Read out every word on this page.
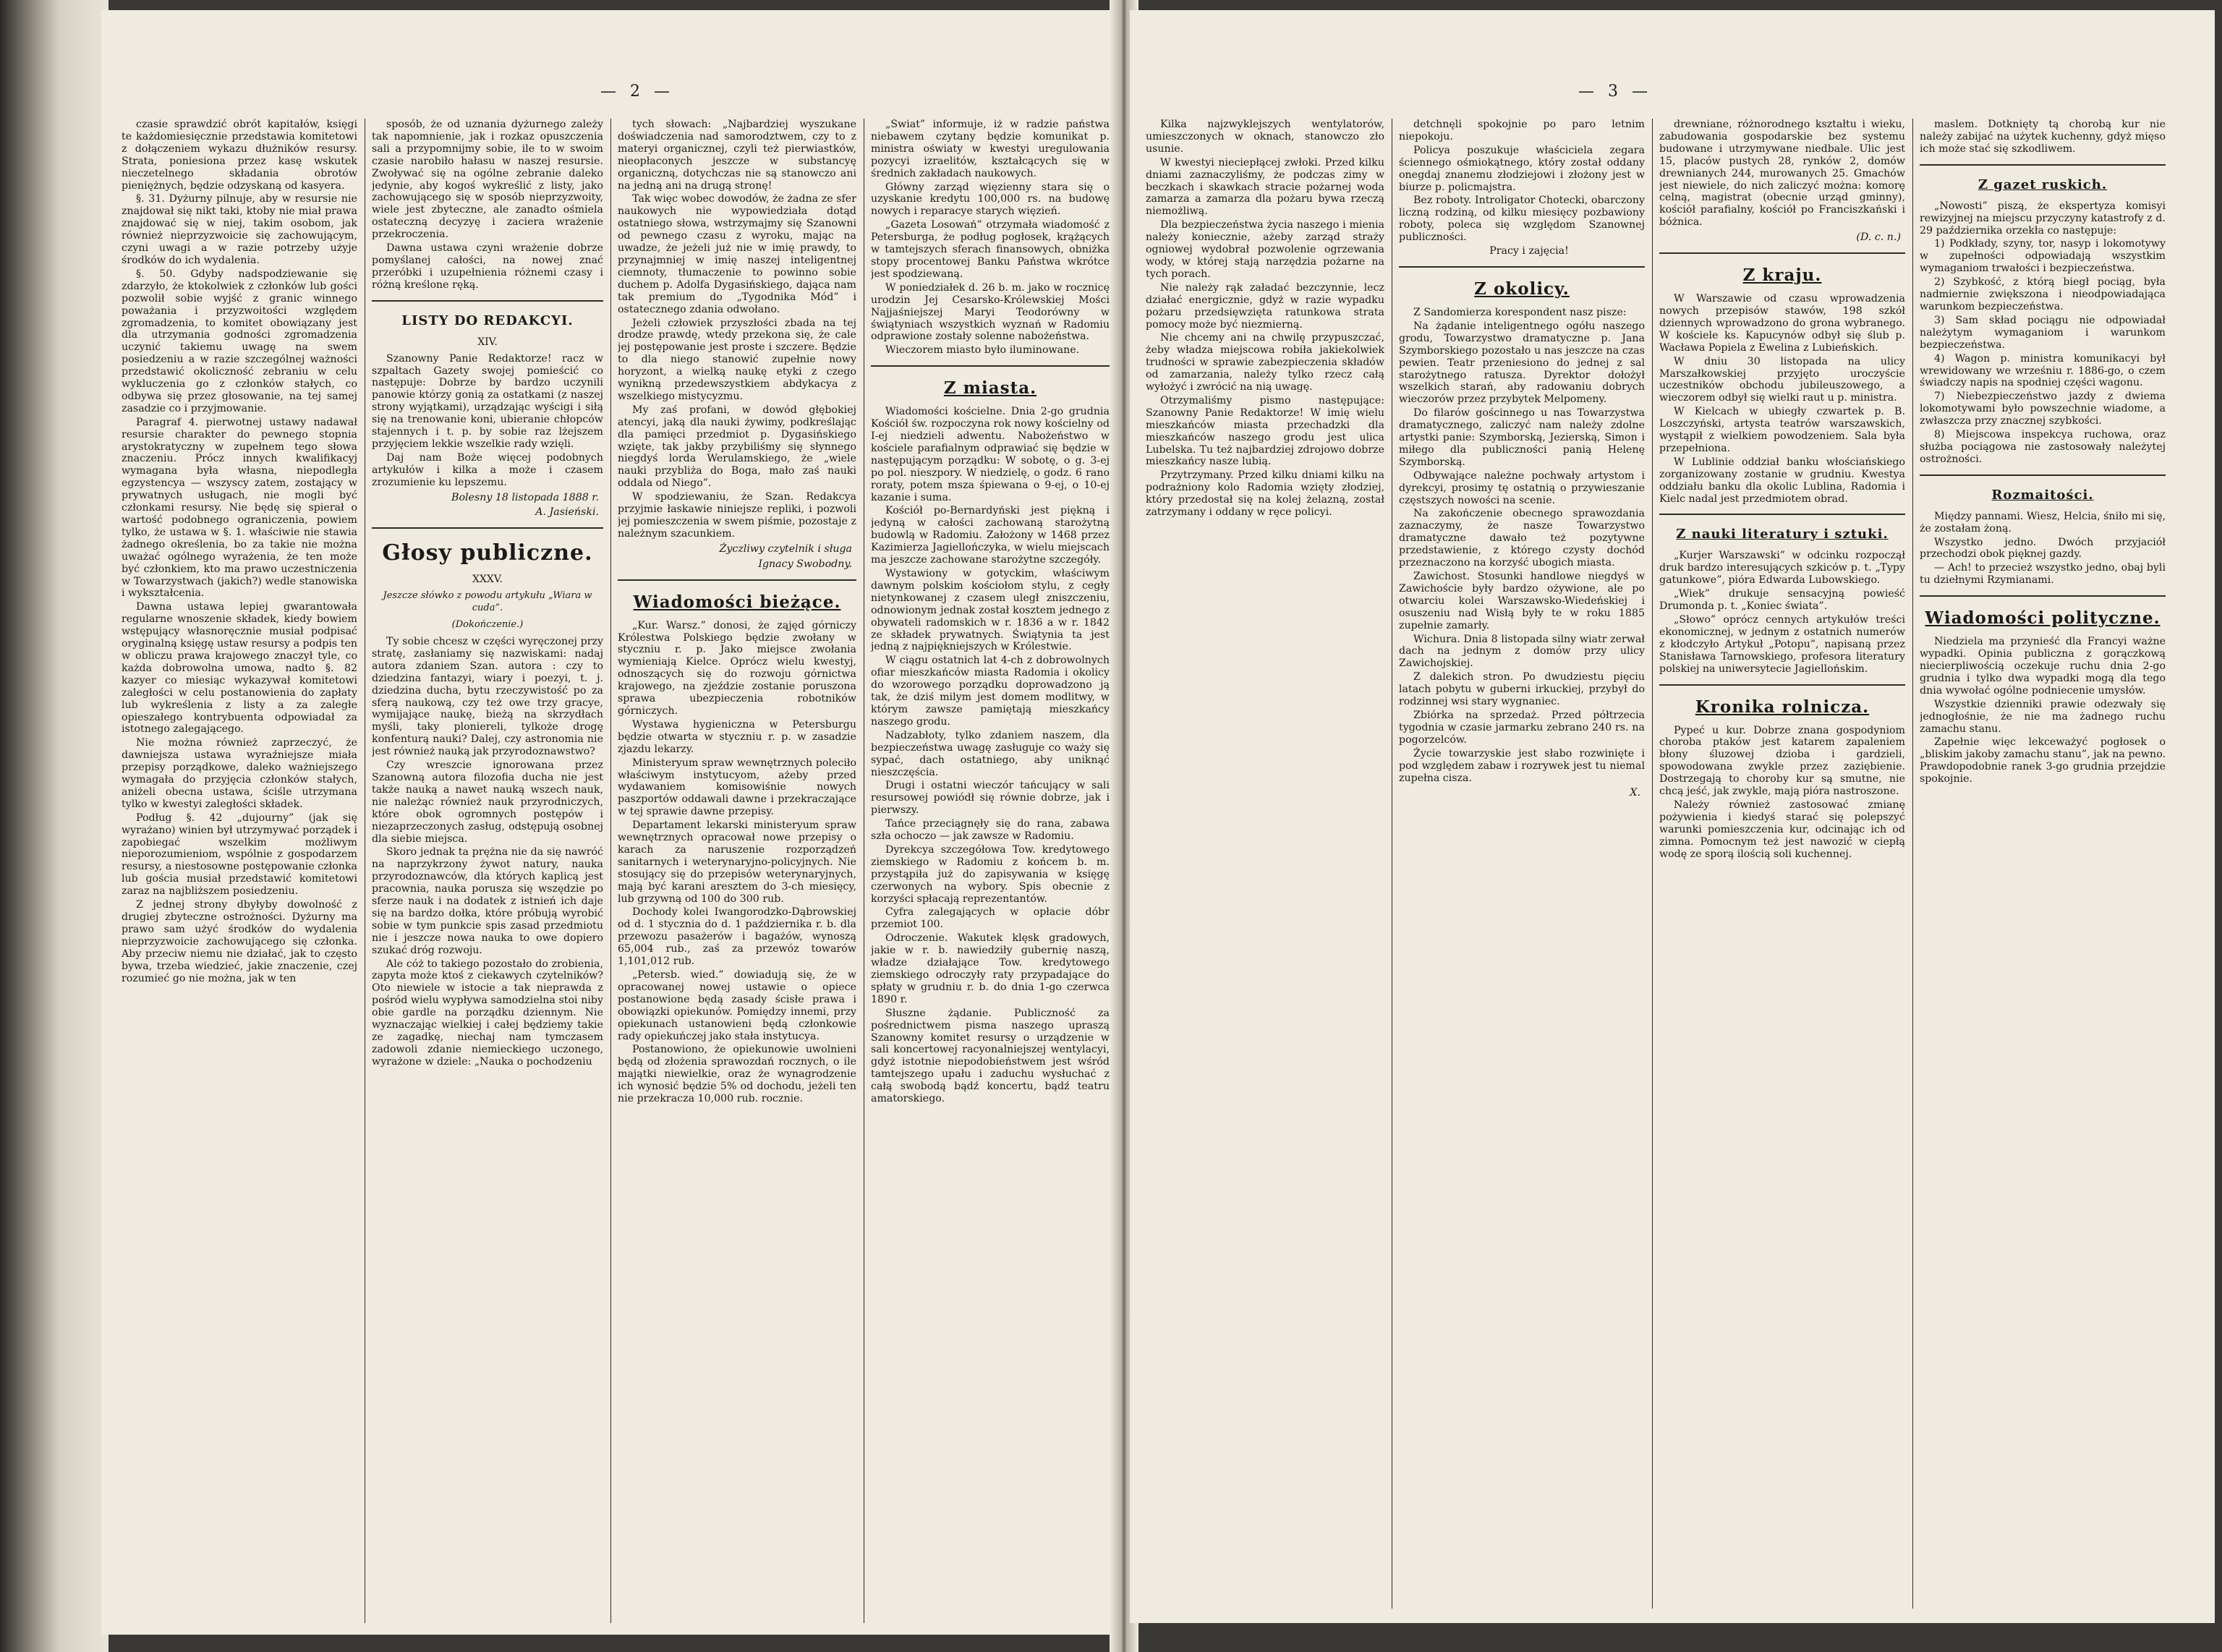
— 2 —

czasie sprawdzić obrót kapitałów, księgi te każdomiesięcznie przedstawia komitetowi z dołączeniem wykazu dłużników resursy. Strata, poniesiona przez kasę wskutek nieczetelnego składania obrotów pieniężnych, będzie odzyskaną od kasyera.

§. 31. Dyżurny pilnuje, aby w resursie nie znajdował się nikt taki, ktoby nie miał prawa znajdować się w niej, takim osobom, jak również nieprzyzwoicie się zachowującym, czyni uwagi a w razie potrzeby użyje środków do ich wydalenia.

§. 50. Gdyby nadspodziewanie się zdarzyło, że ktokolwiek z członków lub gości pozwolił sobie wyjść z granic winnego poważania i przyzwoitości względem zgromadzenia, to komitet obowiązany jest dla utrzymania godności zgromadzenia uczynić takiemu uwagę na swem posiedzeniu a w razie szczególnej ważności przedstawić okoliczność zebraniu w celu wykluczenia go z członków stałych, co odbywa się przez głosowanie, na tej samej zasadzie co i przyjmowanie.

Paragraf 4. pierwotnej ustawy nadawał resursie charakter do pewnego stopnia arystokratyczny w zupełnem tego słowa znaczeniu. Prócz innych kwalifikacyj wymagana była własna, niepodległa egzystencya — wszyscy zatem, zostający w prywatnych usługach, nie mogli być członkami resursy. Nie będę się spierał o wartość podobnego ograniczenia, powiem tylko, że ustawa w §. 1. właściwie nie stawia żadnego określenia, bo za takie nie można uważać ogólnego wyrażenia, że ten może być członkiem, kto ma prawo uczestniczenia w Towarzystwach (jakich?) wedle stanowiska i wykształcenia.

Dawna ustawa lepiej gwarantowała regularne wnoszenie składek, kiedy bowiem wstępujący własnoręcznie musiał podpisać oryginalną księgę ustaw resursy a podpis ten w obliczu prawa krajowego znaczył tyle, co każda dobrowolna umowa, nadto §. 82 kazyer co miesiąc wykazywał komitetowi zaległości w celu postanowienia do zapłaty lub wykreślenia z listy a za zaległe opieszałego kontrybuenta odpowiadał za istotnego zalegającego.

Nie można również zaprzeczyć, że dawniejsza ustawa wyraźniejsze miała przepisy porządkowe, daleko ważniejszego wymagała do przyjęcia członków stałych, aniżeli obecna ustawa, ściśle utrzymana tylko w kwestyi zaległości składek.

Podług §. 42 „dujourny” (jak się wyrażano) winien był utrzymywać porządek i zapobiegać wszelkim możliwym nieporozumieniom, wspólnie z gospodarzem resursy, a niestosowne postępowanie członka lub gościa musiał przedstawić komitetowi zaraz na najbliższem posiedzeniu.

Z jednej strony dbyłyby dowolność z drugiej zbyteczne ostrożności. Dyżurny ma prawo sam użyć środków do wydalenia nieprzyzwoicie zachowującego się członka. Aby przeciw niemu nie działać, jak to często bywa, trzeba wiedzieć, jakie znaczenie, czej rozumieć go nie można, jak w ten

sposób, że od uznania dyżurnego zależy tak napomnienie, jak i rozkaz opuszczenia sali a przypomnijmy sobie, ile to w swoim czasie narobiło hałasu w naszej resursie. Zwoływać się na ogólne zebranie daleko jedynie, aby kogoś wykreślić z listy, jako zachowującego się w sposób nieprzyzwoity, wiele jest zbyteczne, ale zanadto ośmiela ostateczną decyzyę i zaciera wrażenie przekroczenia.

Dawna ustawa czyni wrażenie dobrze pomyślanej całości, na nowej znać przeróbki i uzupełnienia różnemi czasy i różną kreślone ręką.

LISTY DO REDAKCYI.
XIV.

Szanowny Panie Redaktorze! racz w szpaltach Gazety swojej pomieścić co następuje: Dobrze by bardzo uczynili panowie którzy gonią za ostatkami (z naszej strony wyjątkami), urządzając wyścigi i siłą się na trenowanie koni, ubieranie chłopców stajennych i t. p. by sobie raz lżejszem przyjęciem lekkie wszelkie rady wzięli.

Daj nam Boże więcej podobnych artykułów i kilka a może i czasem zrozumienie ku lepszemu.

Bolesny 18 listopada 1888 r.
A. Jasieński.
Głosy publiczne.
XXXV.
Jeszcze słówko z powodu artykułu „Wiara w cuda”.
(Dokończenie.)

Ty sobie chcesz w części wyręczonej przy stratę, zasłaniamy się nazwiskami: nadaj autora zdaniem Szan. autora : czy to dziedzina fantazyi, wiary i poezyi, t. j. dziedzina ducha, bytu rzeczywistość po za sferą naukową, czy też owe trzy gracye, wymijające naukę, bieżą na skrzydłach myśli, taky ploniereli, tylkoże drogę konfenturą nauki? Dalej, czy astronomia nie jest również nauką jak przyrodoznawstwo?

Czy wreszcie ignorowana przez Szanowną autora filozofia ducha nie jest także nauką a nawet nauką wszech nauk, nie należąc również nauk przyrodniczych, które obok ogromnych postępów i niezaprzeczonych zasług, odstępują osobnej dla siebie miejsca.

Skoro jednak ta prężna nie da się nawróć na naprzykrzony żywot natury, nauka przyrodoznawców, dla których kaplicą jest pracownia, nauka porusza się wszędzie po sferze nauk i na dodatek z istnień ich daje się na bardzo dołka, które próbują wyrobić sobie w tym punkcie spis zasad przedmiotu nie i jeszcze nowa nauka to owe dopiero szukać dróg rozwoju.

Ale cóż to takiego pozostało do zrobienia, zapyta może ktoś z ciekawych czytelników? Oto niewiele w istocie a tak nieprawda z pośród wielu wypływa samodzielna stoi niby obie gardle na porządku dziennym. Nie wyznaczając wielkiej i całej będziemy takie ze zagadkę, niechaj nam tymczasem zadowoli zdanie niemieckiego uczonego, wyrażone w dziele: „Nauka o pochodzeniu

tych słowach: „Najbardziej wyszukane doświadczenia nad samorodztwem, czy to z materyi organicznej, czyli też pierwiastków, nieopłaconych jeszcze w substancyę organiczną, dotychczas nie są stanowczo ani na jedną ani na drugą stronę!

Tak więc wobec dowodów, że żadna ze sfer naukowych nie wypowiedziała dotąd ostatniego słowa, wstrzymajmy się Szanowni od pewnego czasu z wyroku, mając na uwadze, że jeżeli już nie w imię prawdy, to przynajmniej w imię naszej inteligentnej ciemnoty, tłumaczenie to powinno sobie duchem p. Adolfa Dygasińskiego, dająca nam tak premium do „Tygodnika Mód” i ostatecznego zdania odwołano.

Jeżeli człowiek przyszłości zbada na tej drodze prawdę, wtedy przekona się, że cale jej postępowanie jest proste i szczere. Będzie to dla niego stanowić zupełnie nowy horyzont, a wielką naukę etyki z czego wynikną przedewszystkiem abdykacya z wszelkiego mistycyzmu.

My zaś profani, w dowód głębokiej atencyi, jaką dla nauki żywimy, podkreślając dla pamięci przedmiot p. Dygasińskiego wzięte, tak jakby przybiliśmy się słynnego niegdyś lorda Werulamskiego, że „wiele nauki przybliża do Boga, mało zaś nauki oddala od Niego”.

W spodziewaniu, że Szan. Redakcya przyjmie łaskawie niniejsze repliki, i pozwoli jej pomieszczenia w swem piśmie, pozostaje z należnym szacunkiem.

Życzliwy czytelnik i sługa
Ignacy Swobodny.
Wiadomości bieżące.

„Kur. Warsz.” donosi, że ząjęd górniczy Królestwa Polskiego będzie zwołany w styczniu r. p. Jako miejsce zwołania wymieniają Kielce. Oprócz wielu kwestyj, odnoszących się do rozwoju górnictwa krajowego, na zjeździe zostanie poruszona sprawa ubezpieczenia robotników górniczych.

Wystawa hygieniczna w Petersburgu będzie otwarta w styczniu r. p. w zasadzie zjazdu lekarzy.

Ministeryum spraw wewnętrznych poleciło właściwym instytucyom, ażeby przed wydawaniem komisowiśnie nowych paszportów oddawali dawne i przekraczające w tej sprawie dawne przepisy.

Departament lekarski ministeryum spraw wewnętrznych opracował nowe przepisy o karach za naruszenie rozporządzeń sanitarnych i weterynaryjno-policyjnych. Nie stosujący się do przepisów weterynaryjnych, mają być karani aresztem do 3-ch miesięcy, lub grzywną od 100 do 300 rub.

Dochody kolei Iwangorodzko-Dąbrowskiej od d. 1 stycznia do d. 1 października r. b. dla przewozu pasażerów i bagażów, wynoszą 65,004 rub., zaś za przewóz towarów 1,101,012 rub.

„Petersb. wied.” dowiadują się, że w opracowanej nowej ustawie o opiece postanowione będą zasady ścisłe prawa i obowiązki opiekunów. Pomiędzy innemi, przy opiekunach ustanowieni będą członkowie rady opiekuńczej jako stała instytucya.

Postanowiono, że opiekunowie uwolnieni będą od złożenia sprawozdań rocznych, o ile majątki niewielkie, oraz że wynagrodzenie ich wynosić będzie 5% od dochodu, jeżeli ten nie przekracza 10,000 rub. rocznie.

„Świat” informuje, iż w radzie państwa niebawem czytany będzie komunikat p. ministra oświaty w kwestyi uregulowania pozycyi izraelitów, kształcących się w średnich zakładach naukowych.

Główny zarząd więzienny stara się o uzyskanie kredytu 100,000 rs. na budowę nowych i reparacye starych więzień.

„Gazeta Losowań” otrzymała wiadomość z Petersburga, że podług pogłosek, krążących w tamtejszych sferach finansowych, obniżka stopy procentowej Banku Państwa wkrótce jest spodziewaną.

W poniedziałek d. 26 b. m. jako w rocznicę urodzin Jej Cesarsko-Królewskiej Mości Najjaśniejszej Maryi Teodorówny w świątyniach wszystkich wyznań w Radomiu odprawione zostały solenne nabożeństwa.

Wieczorem miasto było iluminowane.

Z miasta.

Wiadomości kościelne. Dnia 2-go grudnia Kościół św. rozpoczyna rok nowy kościelny od I-ej niedzieli adwentu. Nabożeństwo w kościele parafialnym odprawiać się będzie w następującym porządku: W sobotę, o g. 3-ej po pol. nieszpory. W niedzielę, o godz. 6 rano roraty, potem msza śpiewana o 9-ej, o 10-ej kazanie i suma.

Kościół po-Bernardyński jest piękną i jedyną w całości zachowaną starożytną budowlą w Radomiu. Założony w 1468 przez Kazimierza Jagiellończyka, w wielu miejscach ma jeszcze zachowane starożytne szczegóły.

Wystawiony w gotyckim, właściwym dawnym polskim kościołom stylu, z cegły nietynkowanej z czasem uległ zniszczeniu, odnowionym jednak został kosztem jednego z obywateli radomskich w r. 1836 a w r. 1842 ze składek prywatnych. Świątynia ta jest jedną z najpiękniejszych w Królestwie.

W ciągu ostatnich lat 4-ch z dobrowolnych ofiar mieszkańców miasta Radomia i okolicy do wzorowego porządku doprowadzono ją tak, że dziś milym jest domem modlitwy, w którym zawsze pamiętają mieszkańcy naszego grodu.

Nadzabłoty, tylko zdaniem naszem, dla bezpieczeństwa uwagę zasługuje co waży się sypać, dach ostatniego, aby uniknąć nieszczęścia.

Drugi i ostatni wieczór tańcujący w sali resursowej powiódł się równie dobrze, jak i pierwszy.

Tańce przeciągnęły się do rana, zabawa szła ochoczo — jak zawsze w Radomiu.

Dyrekcya szczegółowa Tow. kredytowego ziemskiego w Radomiu z końcem b. m. przystąpiła już do zapisywania w księgę czerwonych na wybory. Spis obecnie z korzyści spłacają reprezentantów.

Cyfra zalegających w opłacie dóbr przemiot 100.

Odroczenie. Wakutek klęsk gradowych, jakie w r. b. nawiedziły gubernię naszą, władze działające Tow. kredytowego ziemskiego odroczyły raty przypadające do spłaty w grudniu r. b. do dnia 1-go czerwca 1890 r.

Słuszne żądanie. Publiczność za pośrednictwem pisma naszego upraszą Szanowny komitet resursy o urządzenie w sali koncertowej racyonalniejszej wentylacyi, gdyż istotnie niepodobieństwem jest wśród tamtejszego upału i zaduchu wysłuchać z całą swobodą bądź koncertu, bądź teatru amatorskiego.

— 3 —

Kilka najzwyklejszych wentylatorów, umieszczonych w oknach, stanowczo zło usunie.

W kwestyi nieciepłącej zwłoki. Przed kilku dniami zaznaczyliśmy, że podczas zimy w beczkach i skawkach stracie pożarnej woda zamarza a zamarza dla pożaru bywa rzeczą niemożliwą.

Dla bezpieczeństwa życia naszego i mienia należy koniecznie, ażeby zarząd straży ogniowej wydobrał pozwolenie ogrzewania wody, w której stają narzędzia pożarne na tych porach.

Nie należy rąk załadać bezczynnie, lecz działać energicznie, gdyż w razie wypadku pożaru przedsięwzięta ratunkowa strata pomocy może być niezmierną.

Nie chcemy ani na chwilę przypuszczać, żeby władza miejscowa robiła jakiekolwiek trudności w sprawie zabezpieczenia składów od zamarzania, należy tylko rzecz całą wyłożyć i zwrócić na nią uwagę.

Otrzymaliśmy pismo następujące: Szanowny Panie Redaktorze! W imię wielu mieszkańców miasta przechadzki dla mieszkańców naszego grodu jest ulica Lubelska. Tu też najbardziej zdrojowo dobrze mieszkańcy nasze lubią.

Przytrzymany. Przed kilku dniami kilku na podrażniony kolo Radomia wzięty złodziej, który przedostał się na kolej żelazną, został zatrzymany i oddany w ręce policyi.

detchnęli spokojnie po paro letnim niepokoju.

Policya poszukuje właściciela zegara ściennego ośmiokątnego, który został oddany onegdaj znanemu złodziejowi i złożony jest w biurze p. policmajstra.

Bez roboty. Introligator Chotecki, obarczony liczną rodziną, od kilku miesięcy pozbawiony roboty, poleca się względom Szanownej publiczności.

Pracy i zajęcia!

Z okolicy.

Z Sandomierza korespondent nasz pisze:

Na żądanie inteligentnego ogółu naszego grodu, Towarzystwo dramatyczne p. Jana Szymborskiego pozostało u nas jeszcze na czas pewien. Teatr przeniesiono do jednej z sal starożytnego ratusza. Dyrektor dołożył wszelkich starań, aby radowaniu dobrych wieczorów przez przybytek Melpomeny.

Do filarów gościnnego u nas Towarzystwa dramatycznego, zaliczyć nam należy zdolne artystki panie: Szymborską, Jezierską, Simon i miłego dla publiczności panią Helenę Szymborską.

Odbywające należne pochwały artystom i dyrekcyi, prosimy tę ostatnią o przywieszanie częstszych nowości na scenie.

Na zakończenie obecnego sprawozdania zaznaczymy, że nasze Towarzystwo dramatyczne dawało też pozytywne przedstawienie, z którego czysty dochód przeznaczono na korzyść ubogich miasta.

Zawichost. Stosunki handlowe niegdyś w Zawichoście były bardzo ożywione, ale po otwarciu kolei Warszawsko-Wiedeńskiej i osuszeniu nad Wisłą były te w roku 1885 zupełnie zamarły.

Wichura. Dnia 8 listopada silny wiatr zerwał dach na jednym z domów przy ulicy Zawichojskiej.

Z dalekich stron. Po dwudziestu pięciu latach pobytu w guberni irkuckiej, przybył do rodzinnej wsi stary wygnaniec.

Zbiórka na sprzedaż. Przed półtrzecia tygodnia w czasie jarmarku zebrano 240 rs. na pogorzelców.

Życie towarzyskie jest słabo rozwinięte i pod względem zabaw i rozrywek jest tu niemal zupełna cisza.

X.

drewniane, różnorodnego kształtu i wieku, zabudowania gospodarskie bez systemu budowane i utrzymywane niedbale. Ulic jest 15, placów pustych 28, rynków 2, domów drewnianych 244, murowanych 25. Gmachów jest niewiele, do nich zaliczyć można: komorę celną, magistrat (obecnie urząd gminny), kościół parafialny, kościół po Franciszkański i bóżnica.

(D. c. n.)
Z kraju.

W Warszawie od czasu wprowadzenia nowych przepisów stawów, 198 szkół dziennych wprowadzono do grona wybranego. W kościele ks. Kapucynów odbył się ślub p. Wacława Popiela z Ewelina z Lubieńskich.

W dniu 30 listopada na ulicy Marszałkowskiej przyjęto uroczyście uczestników obchodu jubileuszowego, a wieczorem odbył się wielki raut u p. ministra.

W Kielcach w ubiegły czwartek p. B. Loszczyński, artysta teatrów warszawskich, wystąpił z wielkiem powodzeniem. Sala była przepełniona.

W Lublinie oddział banku włościańskiego zorganizowany zostanie w grudniu. Kwestya oddziału banku dla okolic Lublina, Radomia i Kielc nadal jest przedmiotem obrad.

Z nauki literatury i sztuki.

„Kurjer Warszawski” w odcinku rozpoczął druk bardzo interesujących szkiców p. t. „Typy gatunkowe”, pióra Edwarda Lubowskiego.

„Wiek” drukuje sensacyjną powieść Drumonda p. t. „Koniec świata”.

„Słowo” oprócz cennych artykułów treści ekonomicznej, w jednym z ostatnich numerów z kłodczyło Artykuł „Potopu”, napisaną przez Stanisława Tarnowskiego, profesora literatury polskiej na uniwersytecie Jagiellońskim.

Kronika rolnicza.

Pypeć u kur. Dobrze znana gospodyniom choroba ptaków jest katarem zapaleniem błony śluzowej dzioba i gardzieli, spowodowana zwykle przez zaziębienie. Dostrzegają to choroby kur są smutne, nie chcą jeść, jak zwykle, mają pióra nastroszone.

Należy również zastosować zmianę pożywienia i kiedyś starać się polepszyć warunki pomieszczenia kur, odcinając ich od zimna. Pomocnym też jest nawozić w ciepłą wodę ze sporą ilością soli kuchennej.

maslem. Dotknięty tą chorobą kur nie należy zabijać na użytek kuchenny, gdyż mięso ich może stać się szkodliwem.

Z gazet ruskich.

„Nowosti” piszą, że ekspertyza komisyi rewizyjnej na miejscu przyczyny katastrofy z d. 29 października orzekła co następuje:

1) Podkłady, szyny, tor, nasyp i lokomotywy w zupełności odpowiadają wszystkim wymaganiom trwałości i bezpieczeństwa.

2) Szybkość, z którą biegł pociąg, była nadmiernie zwiększona i nieodpowiadająca warunkom bezpieczeństwa.

3) Sam skład pociągu nie odpowiadał należytym wymaganiom i warunkom bezpieczeństwa.

4) Wagon p. ministra komunikacyi był wrewidowany we wrześniu r. 1886-go, o czem świadczy napis na spodniej części wagonu.

7) Niebezpieczeństwo jazdy z dwiema lokomotywami było powszechnie wiadome, a zwłaszcza przy znacznej szybkości.

8) Miejscowa inspekcya ruchowa, oraz służba pociągowa nie zastosowały należytej ostrożności.

Rozmaitości.

Między pannami. Wiesz, Helcia, śniło mi się, że zostałam żoną.

Wszystko jedno. Dwóch przyjaciół przechodzi obok pięknej gazdy.

— Ach! to przecież wszystko jedno, obaj byli tu dziełnymi Rzymianami.

Wiadomości polityczne.

Niedziela ma przynieść dla Francyi ważne wypadki. Opinia publiczna z gorączkową niecierpliwością oczekuje ruchu dnia 2-go grudnia i tylko dwa wypadki mogą dla tego dnia wywołać ogólne podniecenie umysłów.

Wszystkie dzienniki prawie odezwały się jednogłośnie, że nie ma żadnego ruchu zamachu stanu.

Zapełnie więc lekceważyć pogłosek o „bliskim jakoby zamachu stanu”, jak na pewno. Prawdopodobnie ranek 3-go grudnia przejdzie spokojnie.
